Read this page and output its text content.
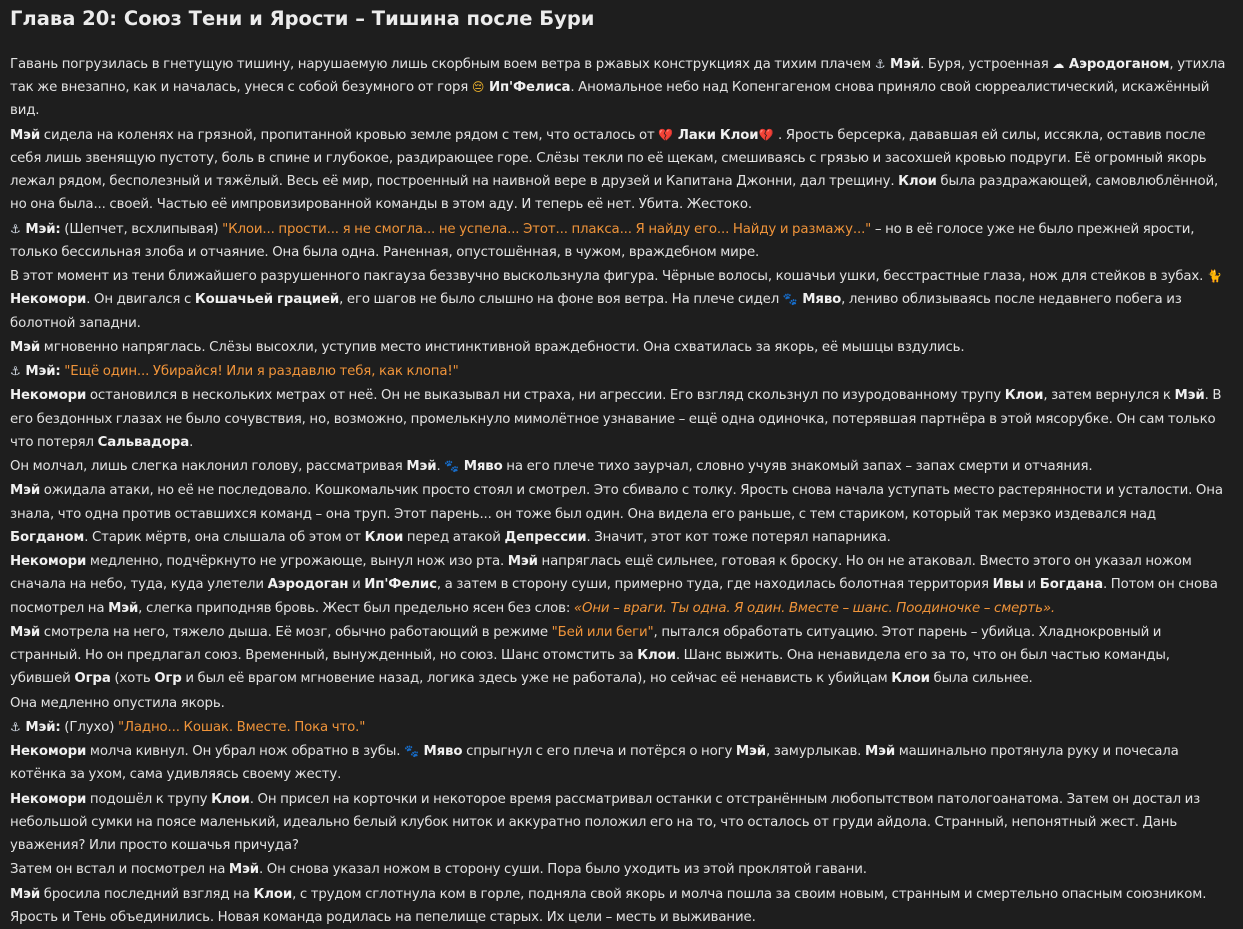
Глава 20: Союз Тени и Ярости – Тишина после Бури
Гавань погрузилась в гнетущую тишину, нарушаемую лишь скорбным воем ветра в ржавых конструкциях да тихим плачем ⚓ Мэй. Буря, устроенная ☁ Аэродоганом, утихла так же внезапно, как и началась, унеся с собой безумного от горя 😔 Ип'Фелиса. Аномальное небо над Копенгагеном снова приняло свой сюрреалистический, искажённый вид.
Мэй сидела на коленях на грязной, пропитанной кровью земле рядом с тем, что осталось от 💔 Лаки Клои💔 . Ярость берсерка, дававшая ей силы, иссякла, оставив после себя лишь звенящую пустоту, боль в спине и глубокое, раздирающее горе. Слёзы текли по её щекам, смешиваясь с грязью и засохшей кровью подруги. Её огромный якорь лежал рядом, бесполезный и тяжёлый. Весь её мир, построенный на наивной вере в друзей и Капитана Джонни, дал трещину. Клои была раздражающей, самовлюблённой, но она была... своей. Частью её импровизированной команды в этом аду. И теперь её нет. Убита. Жестоко.
⚓ Мэй: (Шепчет, всхлипывая) "Клои... прости... я не смогла... не успела... Этот... плакса... Я найду его... Найду и размажу..." – но в её голосе уже не было прежней ярости, только бессильная злоба и отчаяние. Она была одна. Раненная, опустошённая, в чужом, враждебном мире.
В этот момент из тени ближайшего разрушенного пакгауза беззвучно выскользнула фигура. Чёрные волосы, кошачьи ушки, бесстрастные глаза, нож для стейков в зубах. 🐈 Некомори. Он двигался с Кошачьей грацией, его шагов не было слышно на фоне воя ветра. На плече сидел 🐾 Мяво, лениво облизываясь после недавнего побега из болотной западни.
Мэй мгновенно напряглась. Слёзы высохли, уступив место инстинктивной враждебности. Она схватилась за якорь, её мышцы вздулись.
⚓ Мэй: "Ещё один... Убирайся! Или я раздавлю тебя, как клопа!"
Некомори остановился в нескольких метрах от неё. Он не выказывал ни страха, ни агрессии. Его взгляд скользнул по изуродованному трупу Клои, затем вернулся к Мэй. В его бездонных глазах не было сочувствия, но, возможно, промелькнуло мимолётное узнавание – ещё одна одиночка, потерявшая партнёра в этой мясорубке. Он сам только что потерял Сальвадора.
Он молчал, лишь слегка наклонил голову, рассматривая Мэй. 🐾 Мяво на его плече тихо заурчал, словно учуяв знакомый запах – запах смерти и отчаяния.
Мэй ожидала атаки, но её не последовало. Кошкомальчик просто стоял и смотрел. Это сбивало с толку. Ярость снова начала уступать место растерянности и усталости. Она знала, что одна против оставшихся команд – она труп. Этот парень... он тоже был один. Она видела его раньше, с тем стариком, который так мерзко издевался над Богданом. Старик мёртв, она слышала об этом от Клои перед атакой Депрессии. Значит, этот кот тоже потерял напарника.
Некомори медленно, подчёркнуто не угрожающе, вынул нож изо рта. Мэй напряглась ещё сильнее, готовая к броску. Но он не атаковал. Вместо этого он указал ножом сначала на небо, туда, куда улетели Аэродоган и Ип'Фелис, а затем в сторону суши, примерно туда, где находилась болотная территория Ивы и Богдана. Потом он снова посмотрел на Мэй, слегка приподняв бровь. Жест был предельно ясен без слов: «Они – враги. Ты одна. Я один. Вместе – шанс. Поодиночке – смерть».
Мэй смотрела на него, тяжело дыша. Её мозг, обычно работающий в режиме "Бей или беги", пытался обработать ситуацию. Этот парень – убийца. Хладнокровный и странный. Но он предлагал союз. Временный, вынужденный, но союз. Шанс отомстить за Клои. Шанс выжить. Она ненавидела его за то, что он был частью команды, убившей Огра (хоть Огр и был её врагом мгновение назад, логика здесь уже не работала), но сейчас её ненависть к убийцам Клои была сильнее.
Она медленно опустила якорь.
⚓ Мэй: (Глухо) "Ладно... Кошак. Вместе. Пока что."
Некомори молча кивнул. Он убрал нож обратно в зубы. 🐾 Мяво спрыгнул с его плеча и потёрся о ногу Мэй, замурлыкав. Мэй машинально протянула руку и почесала котёнка за ухом, сама удивляясь своему жесту.
Некомори подошёл к трупу Клои. Он присел на корточки и некоторое время рассматривал останки с отстранённым любопытством патологоанатома. Затем он достал из небольшой сумки на поясе маленький, идеально белый клубок ниток и аккуратно положил его на то, что осталось от груди айдола. Странный, непонятный жест. Дань уважения? Или просто кошачья причуда?
Затем он встал и посмотрел на Мэй. Он снова указал ножом в сторону суши. Пора было уходить из этой проклятой гавани.
Мэй бросила последний взгляд на Клои, с трудом сглотнула ком в горле, подняла свой якорь и молча пошла за своим новым, странным и смертельно опасным союзником. Ярость и Тень объединились. Новая команда родилась на пепелище старых. Их цели – месть и выживание.
